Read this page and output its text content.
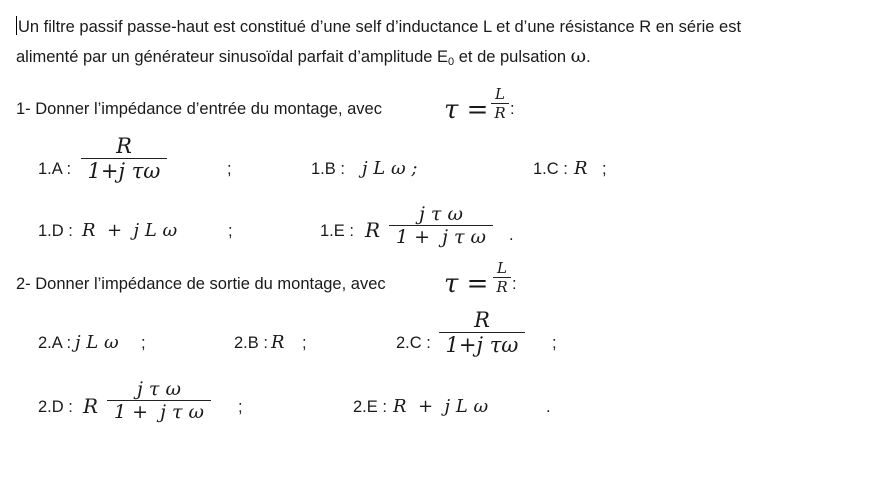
Un filtre passif passe-haut est constitué d’une self d’inductance L et d’une résistance R en série est
alimenté par un générateur sinusoïdal parfait d’amplitude $E_0$ et de pulsation ω.
1- Donner l’impédance d’entrée du montage, avec τ =
L
R :
1.A :
R
1+j τω	;	1.B : j L ω ;	1.C : R ;
1.D : R  +  j L ω	;	1.E : R
j τ ω
1 +  j τ ω	.
2- Donner l’impédance de sortie du montage, avec τ =
L
R :
2.A : j L ω ;	2.B : R ;	2.C :
R
1+j τω	;
2.D : R
j τ ω
1 +  j τ ω	;	2.E : R  +  j L ω	.
